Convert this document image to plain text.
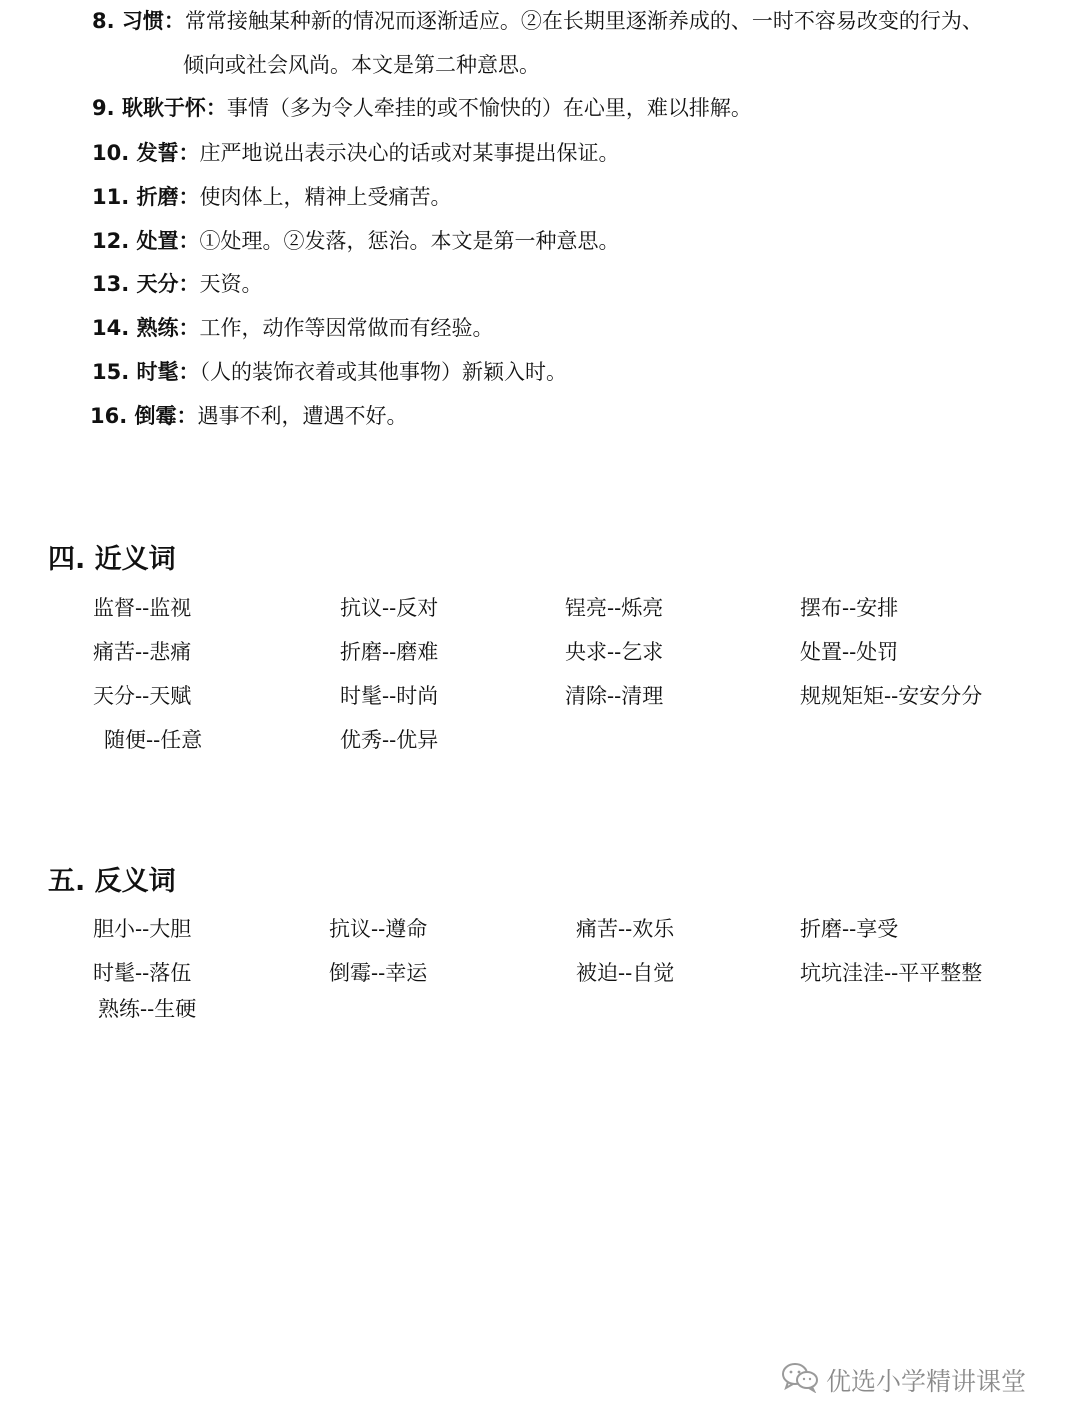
8. 习惯：常常接触某种新的情况而逐渐适应。②在长期里逐渐养成的、一时不容易改变的行为、
倾向或社会风尚。本文是第二种意思。
9. 耿耿于怀：事情（多为令人牵挂的或不愉快的）在心里，难以排解。
10. 发誓：庄严地说出表示决心的话或对某事提出保证。
11. 折磨：使肉体上，精神上受痛苦。
12. 处置：①处理。②发落，惩治。本文是第一种意思。
13. 天分：天资。
14. 熟练：工作，动作等因常做而有经验。
15. 时髦：（人的装饰衣着或其他事物）新颖入时。
16. 倒霉：遇事不利，遭遇不好。
四. 近义词
监督--监视	抗议--反对	锃亮--烁亮	摆布--安排
痛苦--悲痛	折磨--磨难	央求--乞求	处置--处罚
天分--天赋	时髦--时尚	清除--清理	规规矩矩--安安分分
随便--任意	优秀--优异
五. 反义词
胆小--大胆	抗议--遵命	痛苦--欢乐	折磨--享受
时髦--落伍	倒霉--幸运	被迫--自觉	坑坑洼洼--平平整整
熟练--生硬
优选小学精讲课堂
